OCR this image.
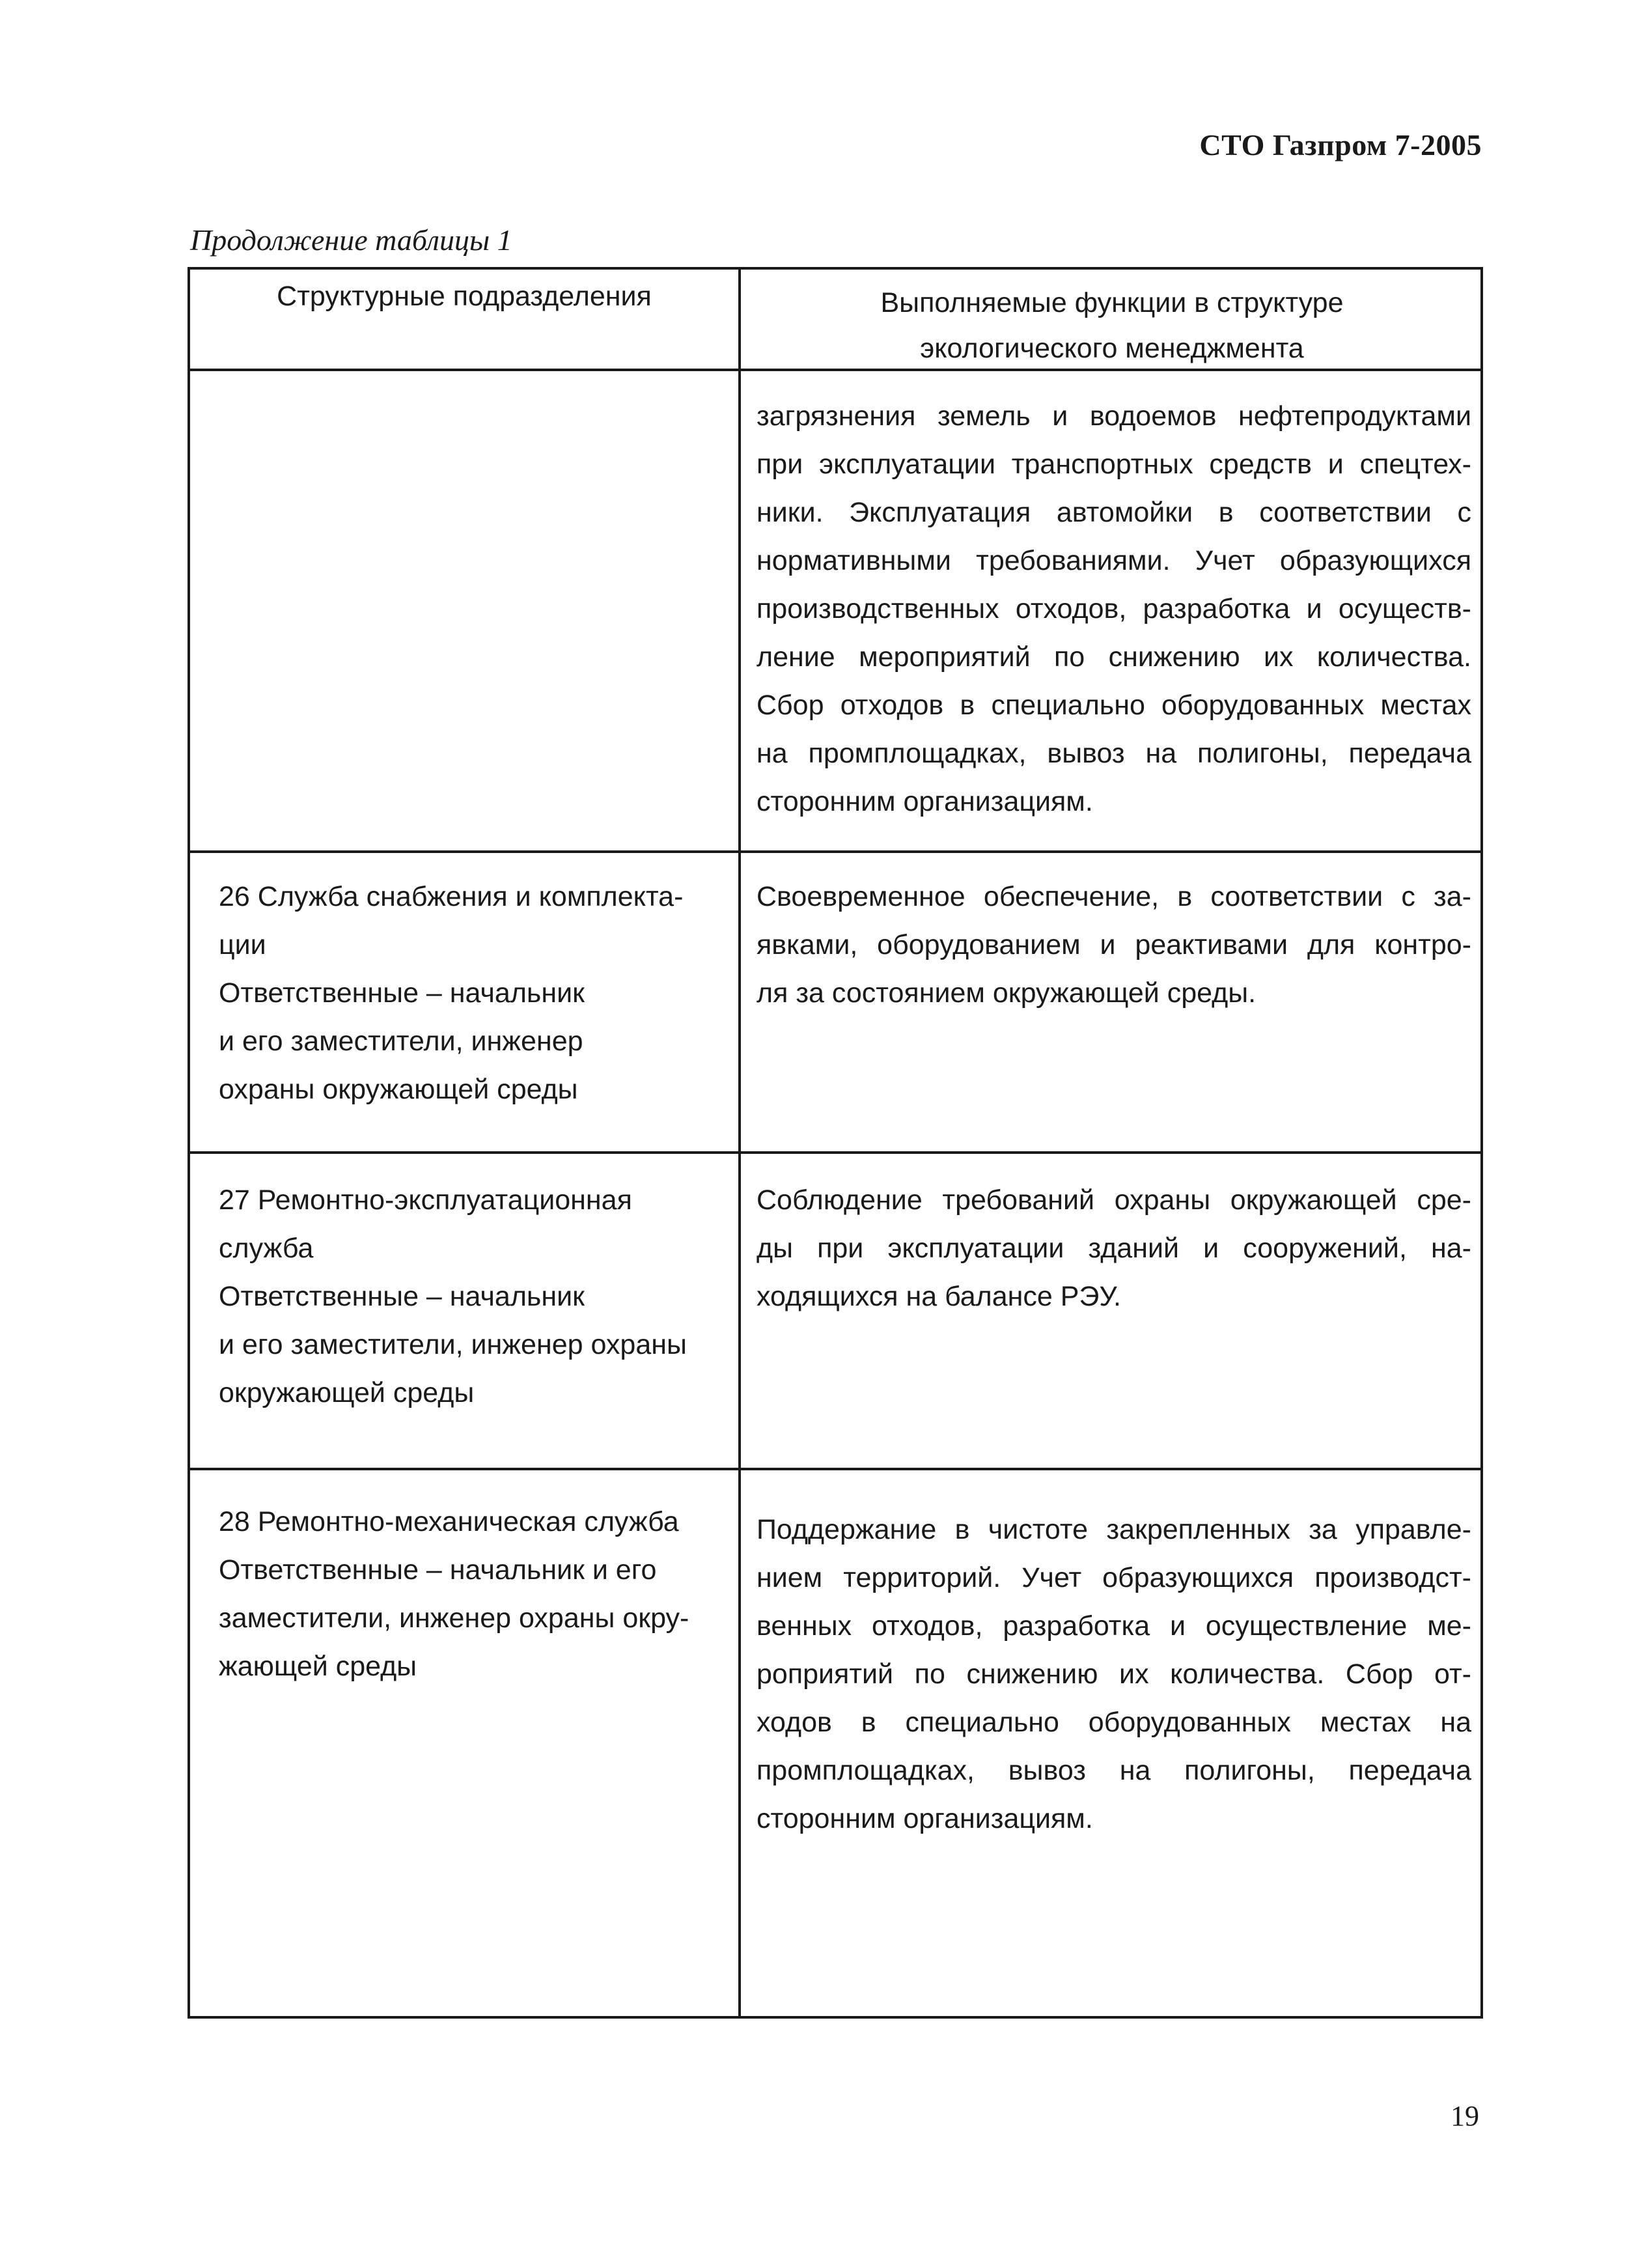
СТО Газпром 7-2005
Продолжение таблицы 1
Структурные подразделения	Выполняемые функции в структуре
экологического менеджмента
загрязнения земель и водоемов нефтепродуктами
при эксплуатации транспортных средств и спецтех-
ники. Эксплуатация автомойки в соответствии с
нормативными требованиями. Учет образующихся
производственных отходов, разработка и осуществ-
ление мероприятий по снижению их количества.
Сбор отходов в специально оборудованных местах
на промплощадках, вывоз на полигоны, передача
сторонним организациям.
26 Служба снабжения и комплекта-
ции
Ответственные – начальник
и его заместители, инженер
охраны окружающей среды
Своевременное обеспечение, в соответствии с за-
явками, оборудованием и реактивами для контро-
ля за состоянием окружающей среды.
27 Ремонтно-эксплуатационная
служба
Ответственные – начальник
и его заместители, инженер охраны
окружающей среды
Соблюдение требований охраны окружающей сре-
ды при эксплуатации зданий и сооружений, на-
ходящихся на балансе РЭУ.
28 Ремонтно-механическая служба
Ответственные – начальник и его
заместители, инженер охраны окру-
жающей среды
Поддержание в чистоте закрепленных за управле-
нием территорий. Учет образующихся производст-
венных отходов, разработка и осуществление ме-
роприятий по снижению их количества. Сбор от-
ходов в специально оборудованных местах на
промплощадках, вывоз на полигоны, передача
сторонним организациям.
19
